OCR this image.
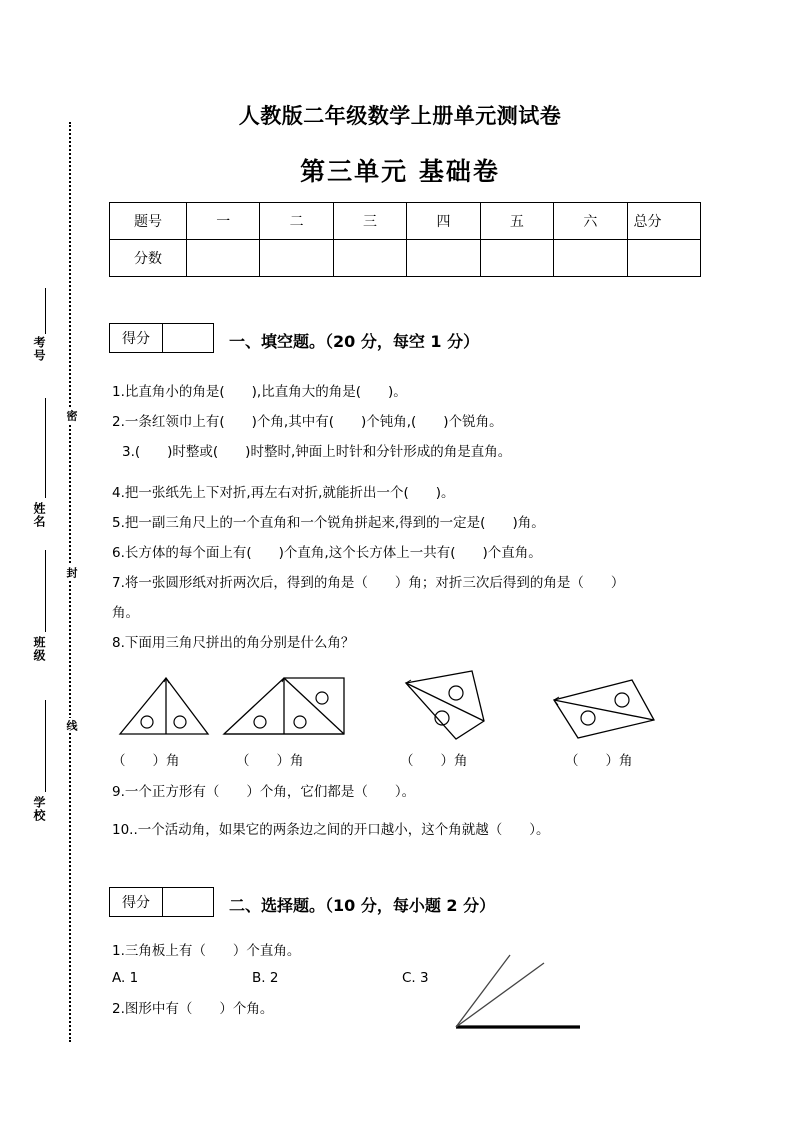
密
封
线
考号
姓名
班级
学校
人教版二年级数学上册单元测试卷
第三单元 基础卷
题号	一	二	三	四	五	六	总分
分数							
得分	一、填空题。（20 分，每空 1 分）
1.比直角小的角是(　　),比直角大的角是(　　)。
2.一条红领巾上有(　　)个角,其中有(　　)个钝角,(　　)个锐角。
3.(　　)时整或(　　)时整时,钟面上时针和分针形成的角是直角。
4.把一张纸先上下对折,再左右对折,就能折出一个(　　)。
5.把一副三角尺上的一个直角和一个锐角拼起来,得到的一定是(　　)角。
6.长方体的每个面上有(　　)个直角,这个长方体上一共有(　　)个直角。
7.将一张圆形纸对折两次后，得到的角是（　　）角；对折三次后得到的角是（　　）
角。
8.下面用三角尺拼出的角分别是什么角？
（　　）角	（　　）角	（　　）角	（　　）角
9.一个正方形有（　　）个角，它们都是（　　）。
10..一个活动角，如果它的两条边之间的开口越小，这个角就越（　　）。
得分	二、选择题。（10 分，每小题 2 分）
1.三角板上有（　　）个直角。
A. 1	B. 2	C. 3
2.图形中有（　　）个角。
